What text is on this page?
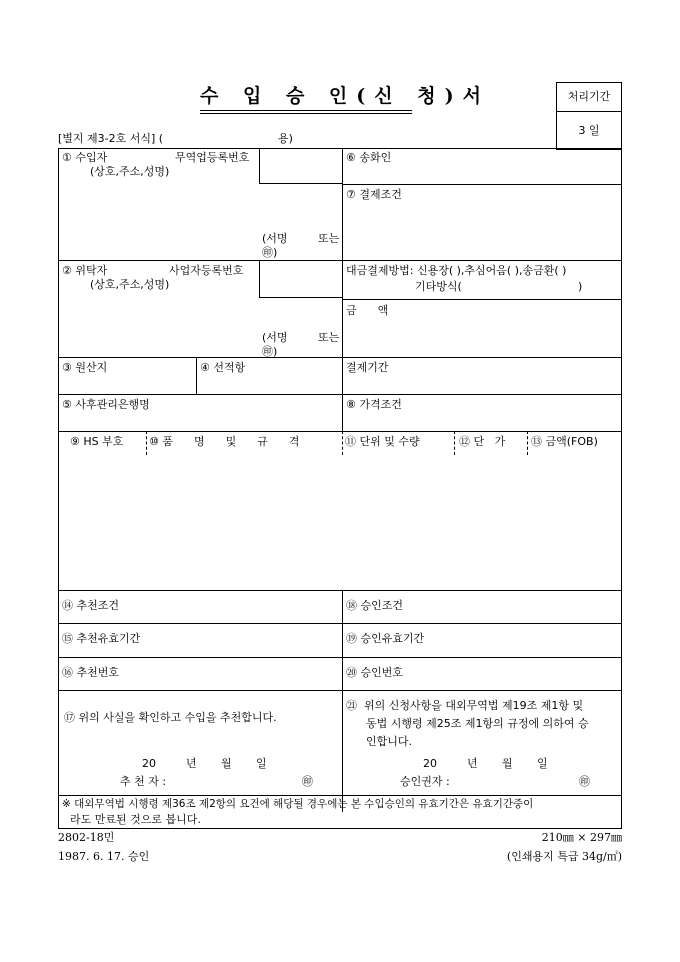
수 입 승 인(신 청)서	처리기간
3 일
[별지 제3-2호 서식] (	용)
① 수입자
(상호,주소,성명)
무역업등록번호
(서명	또는
㊞)
⑥ 송화인
⑦ 결제조건
② 위탁자
(상호,주소,성명)
사업자등록번호
(서명	또는
㊞)
대금결제방법: 신용장( ),추심어음( ),송금환( )
기타방식(	)
금      액
③ 원산지	④ 선적항	결제기간
⑤ 사후관리은행명	⑧ 가격조건
⑨ HS 부호 ⑩ 품      명      및      규      격	⑪ 단위 및 수량	⑫ 단   가 ⑬ 금액(FOB)
⑭ 추천조건	⑱ 승인조건
⑮ 추천유효기간	⑲ 승인유효기간
⑯ 추천번호	⑳ 승인번호
⑰ 위의 사실을 확인하고 수입을 추천합니다.
㉑  위의 신청사항을 대외무역법 제19조 제1항 및
동법 시행령 제25조 제1항의 규정에 의하여 승
인합니다.
20	년 월 일
추 천 자 :	㊞
20	년 월 일
승인권자 :	㊞
※ 대외무역법 시행령 제36조 제2항의 요건에 해당될 경우에는 본 수입승인의 유효기간은 유효기간중이
라도 만료된 것으로 봅니다.
2802-18민
1987. 6. 17. 승인
210㎜ × 297㎜
(인쇄용지 특급 34g/㎡)
